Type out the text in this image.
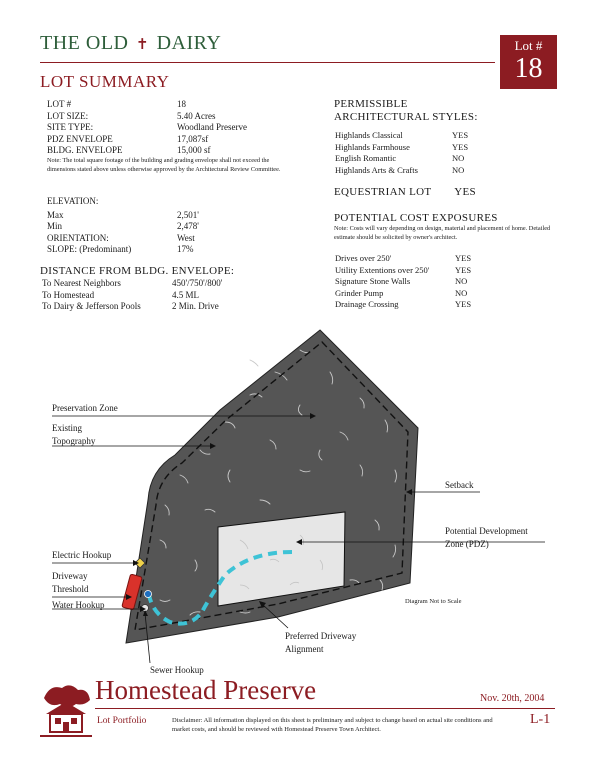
THE OLD ✝ DAIRY	Lot #
18
LOT SUMMARY
LOT #	18
LOT SIZE:	5.40 Acres
SITE TYPE:	Woodland Preserve
PDZ ENVELOPE	17,087sf
BLDG. ENVELOPE	15,000 sf
Note: The total square footage of the building and grading envelope shall not exceed the dimensions stated above unless otherwise approved by the Architectural Review Committee.
ELEVATION:
Max	2,501'
Min	2,478'
ORIENTATION:	West
SLOPE: (Predominant)	17%
DISTANCE FROM BLDG. ENVELOPE:
To Nearest Neighbors	450'/750'/800'
To Homestead	4.5 ML
To Dairy & Jefferson Pools	2 Min. Drive
PERMISSIBLE
ARCHITECTURAL STYLES:
Highlands Classical	YES
Highlands Farmhouse	YES
English Romantic	NO
Highlands Arts & Crafts	NO
EQUESTRIAN LOT YES
POTENTIAL COST EXPOSURES
Note: Costs will vary depending on design, material and placement of home. Detailed estimate should be solicited by owner's architect.
Drives over 250'	YES
Utility Extentions over 250'	YES
Signature Stone Walls	NO
Grinder Pump	NO
Drainage Crossing	YES
Preservation Zone
Existing
Topography
Setback
Potential Development
Zone (PDZ)
Electric Hookup
Driveway
Threshold
Water Hookup
Sewer Hookup
Preferred Driveway
Alignment
Diagram Not to Scale
Homestead Preserve	Nov. 20th, 2004
Lot Portfolio	Disclaimer: All information displayed on this sheet is preliminary and subject to change based on actual site conditions and market costs, and should be reviewed with Homestead Preserve Town Architect.
L-1
